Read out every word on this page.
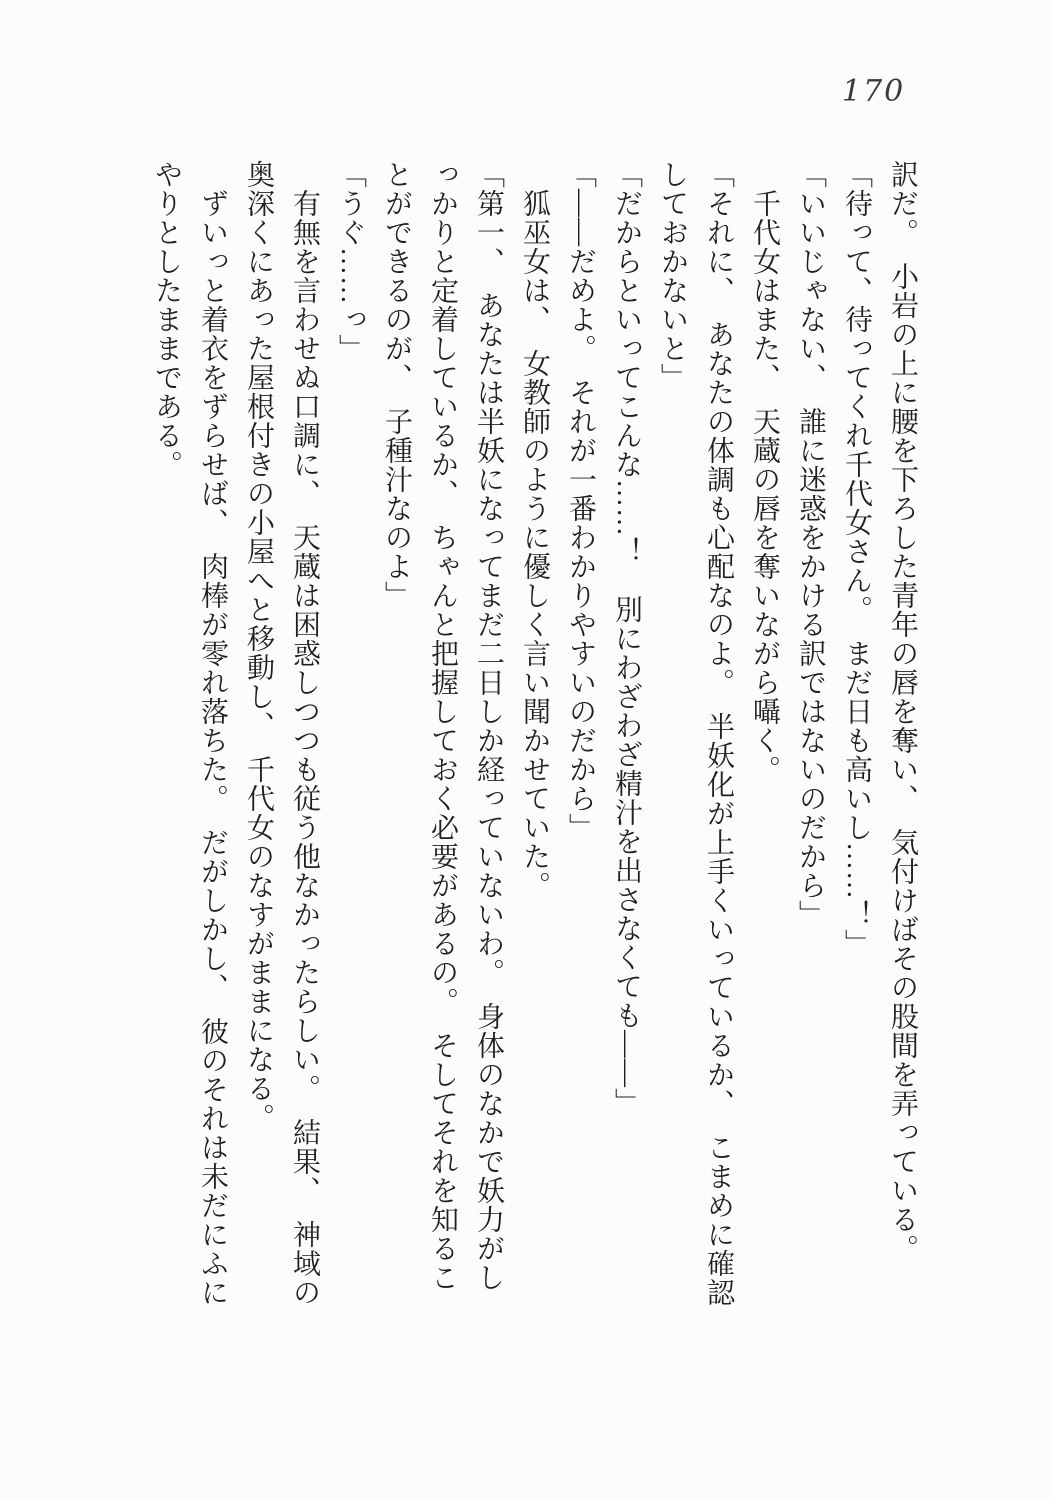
170
訳だ。　小岩の上に腰を下ろした青年の唇を奪い、　気付けばその股間を弄っている。
「待って、待ってくれ千代女さん。　まだ日も高いし……！」
「いいじゃない、　誰に迷惑をかける訳ではないのだから」
　千代女はまた、　天蔵の唇を奪いながら囁く。
「それに、　あなたの体調も心配なのよ。　半妖化が上手くいっているか、　こまめに確認
しておかないと」
「だからといってこんな……！　別にわざわざ精汁を出さなくても――」
「――だめよ。　それが一番わかりやすいのだから」
　狐巫女は、　女教師のように優しく言い聞かせていた。
「第一、　あなたは半妖になってまだ二日しか経っていないわ。　身体のなかで妖力がし
っかりと定着しているか、　ちゃんと把握しておく必要があるの。　そしてそれを知るこ
とができるのが、　子種汁なのよ」
「うぐ……っ」
　有無を言わせぬ口調に、　天蔵は困惑しつつも従う他なかったらしい。　結果、　神域の
奥深くにあった屋根付きの小屋へと移動し、　千代女のなすがままになる。
　ずいっと着衣をずらせば、　肉棒が零れ落ちた。　だがしかし、　彼のそれは未だにふに
やりとしたままである。
